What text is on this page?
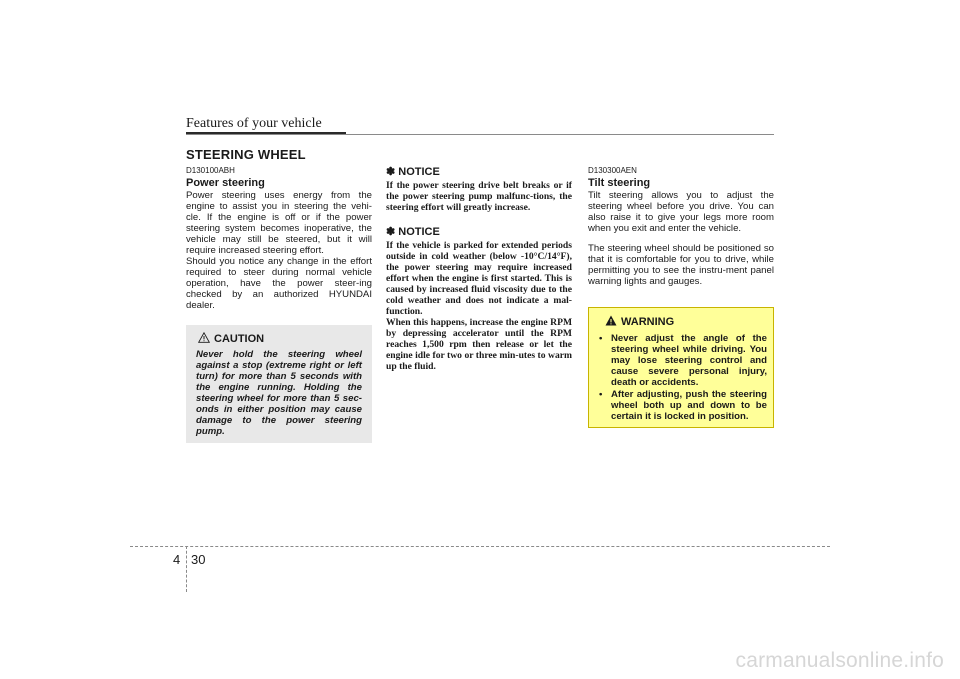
Features of your vehicle
STEERING WHEEL

D130100ABH

Power steering

Power steering uses energy from the engine to assist you in steering the vehi-cle. If the engine is off or if the power steering system becomes inoperative, the vehicle may still be steered, but it will require increased steering effort.

Should you notice any change in the effort required to steer during normal vehicle operation, have the power steer-ing checked by an authorized HYUNDAI dealer.

CAUTION

Never hold the steering wheel against a stop (extreme right or left turn) for more than 5 seconds with the engine running. Holding the steering wheel for more than 5 sec-onds in either position may cause damage to the power steering pump.

✽ NOTICE

If the power steering drive belt breaks or if the power steering pump malfunc-tions, the steering effort will greatly increase.

✽ NOTICE

If the vehicle is parked for extended periods outside in cold weather (below -10°C/14°F), the power steering may require increased effort when the engine is first started. This is caused by increased fluid viscosity due to the cold weather and does not indicate a mal-function.

When this happens, increase the engine RPM by depressing accelerator until the RPM reaches 1,500 rpm then release or let the engine idle for two or three min-utes to warm up the fluid.

D130300AEN

Tilt steering

Tilt steering allows you to adjust the steering wheel before you drive. You can also raise it to give your legs more room when you exit and enter the vehicle.

The steering wheel should be positioned so that it is comfortable for you to drive, while permitting you to see the instru-ment panel warning lights and gauges.

WARNING
• Never adjust the angle of the steering wheel while driving. You may lose steering control and cause severe personal injury, death or accidents.
• After adjusting, push the steering wheel both up and down to be certain it is locked in position.
4 30
carmanualsonline.info
